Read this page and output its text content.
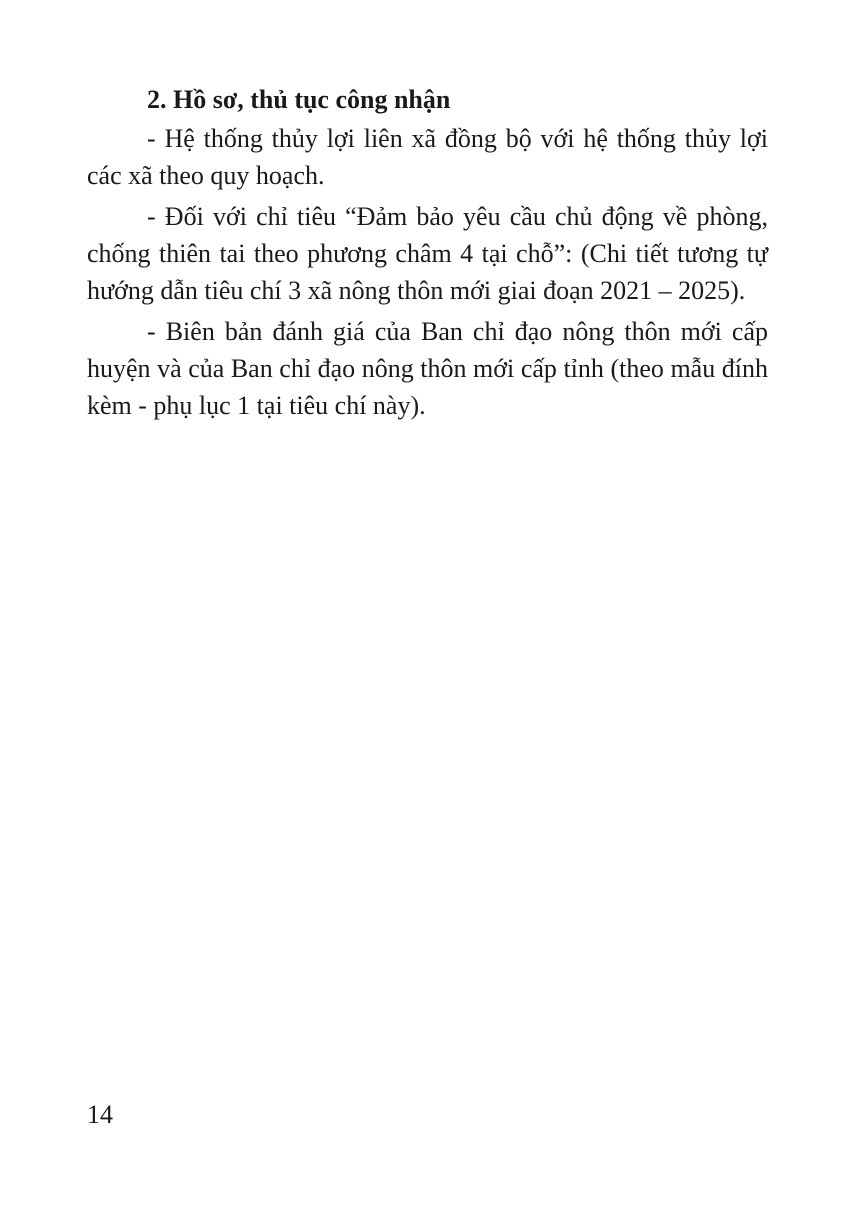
2. Hồ sơ, thủ tục công nhận

- Hệ thống thủy lợi liên xã đồng bộ với hệ thống thủy lợi các xã theo quy hoạch.

- Đối với chỉ tiêu “Đảm bảo yêu cầu chủ động về phòng, chống thiên tai theo phương châm 4 tại chỗ”: (Chi tiết tương tự hướng dẫn tiêu chí 3 xã nông thôn mới giai đoạn 2021 – 2025).

- Biên bản đánh giá của Ban chỉ đạo nông thôn mới cấp huyện và của Ban chỉ đạo nông thôn mới cấp tỉnh (theo mẫu đính kèm - phụ lục 1 tại tiêu chí này).

14
